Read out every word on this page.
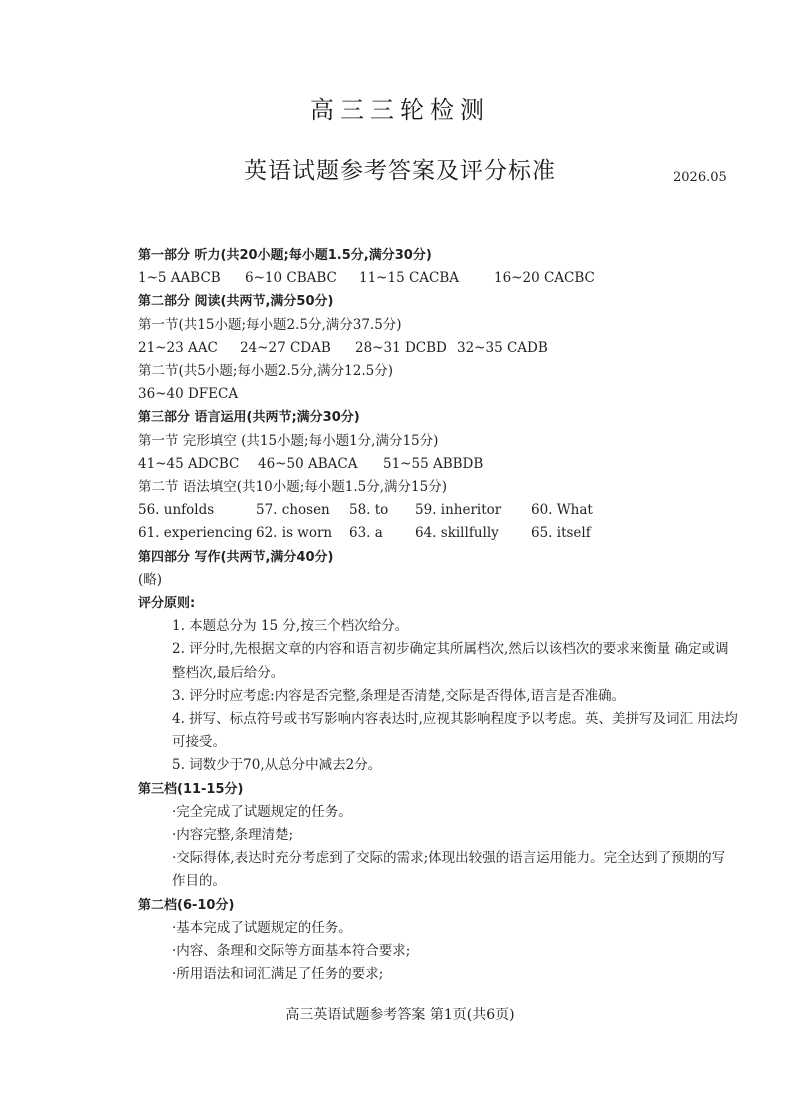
高三三轮检测
英语试题参考答案及评分标准	2026.05
第一部分 听力(共20小题;每小题1.5分,满分30分)
1~5 AABCB 6~10 CBABC 11~15 CACBA	16~20 CACBC
第二部分 阅读(共两节,满分50分)
第一节(共15小题;每小题2.5分,满分37.5分)
21~23 AAC 24~27 CDAB 28~31 DCBD 32~35 CADB
第二节(共5小题;每小题2.5分,满分12.5分)
36~40 DFECA
第三部分 语言运用(共两节;满分30分)
第一节 完形填空 (共15小题;每小题1分,满分15分)
41~45 ADCBC 46~50 ABACA 51~55 ABBDB
第二节 语法填空(共10小题;每小题1.5分,满分15分)
56. unfolds	57. chosen 58. to 59. inheritor 60. What
61. experiencing 62. is worn 63. a 64. skillfully 65. itself
第四部分 写作(共两节,满分40分)
(略)
评分原则:
1. 本题总分为 15 分,按三个档次给分。
2. 评分时,先根据文章的内容和语言初步确定其所属档次,然后以该档次的要求来衡量 确定或调整档次,最后给分。
3. 评分时应考虑:内容是否完整,条理是否清楚,交际是否得体,语言是否准确。
4. 拼写、标点符号或书写影响内容表达时,应视其影响程度予以考虑。英、美拼写及词汇 用法均可接受。
5. 词数少于70,从总分中减去2分。
第三档(11-15分)
·完全完成了试题规定的任务。
·内容完整,条理清楚;
·交际得体,表达时充分考虑到了交际的需求;体现出较强的语言运用能力。完全达到了预期的写作目的。
第二档(6-10分)
·基本完成了试题规定的任务。
·内容、条理和交际等方面基本符合要求;
·所用语法和词汇满足了任务的要求;
高三英语试题参考答案 第1页(共6页)
